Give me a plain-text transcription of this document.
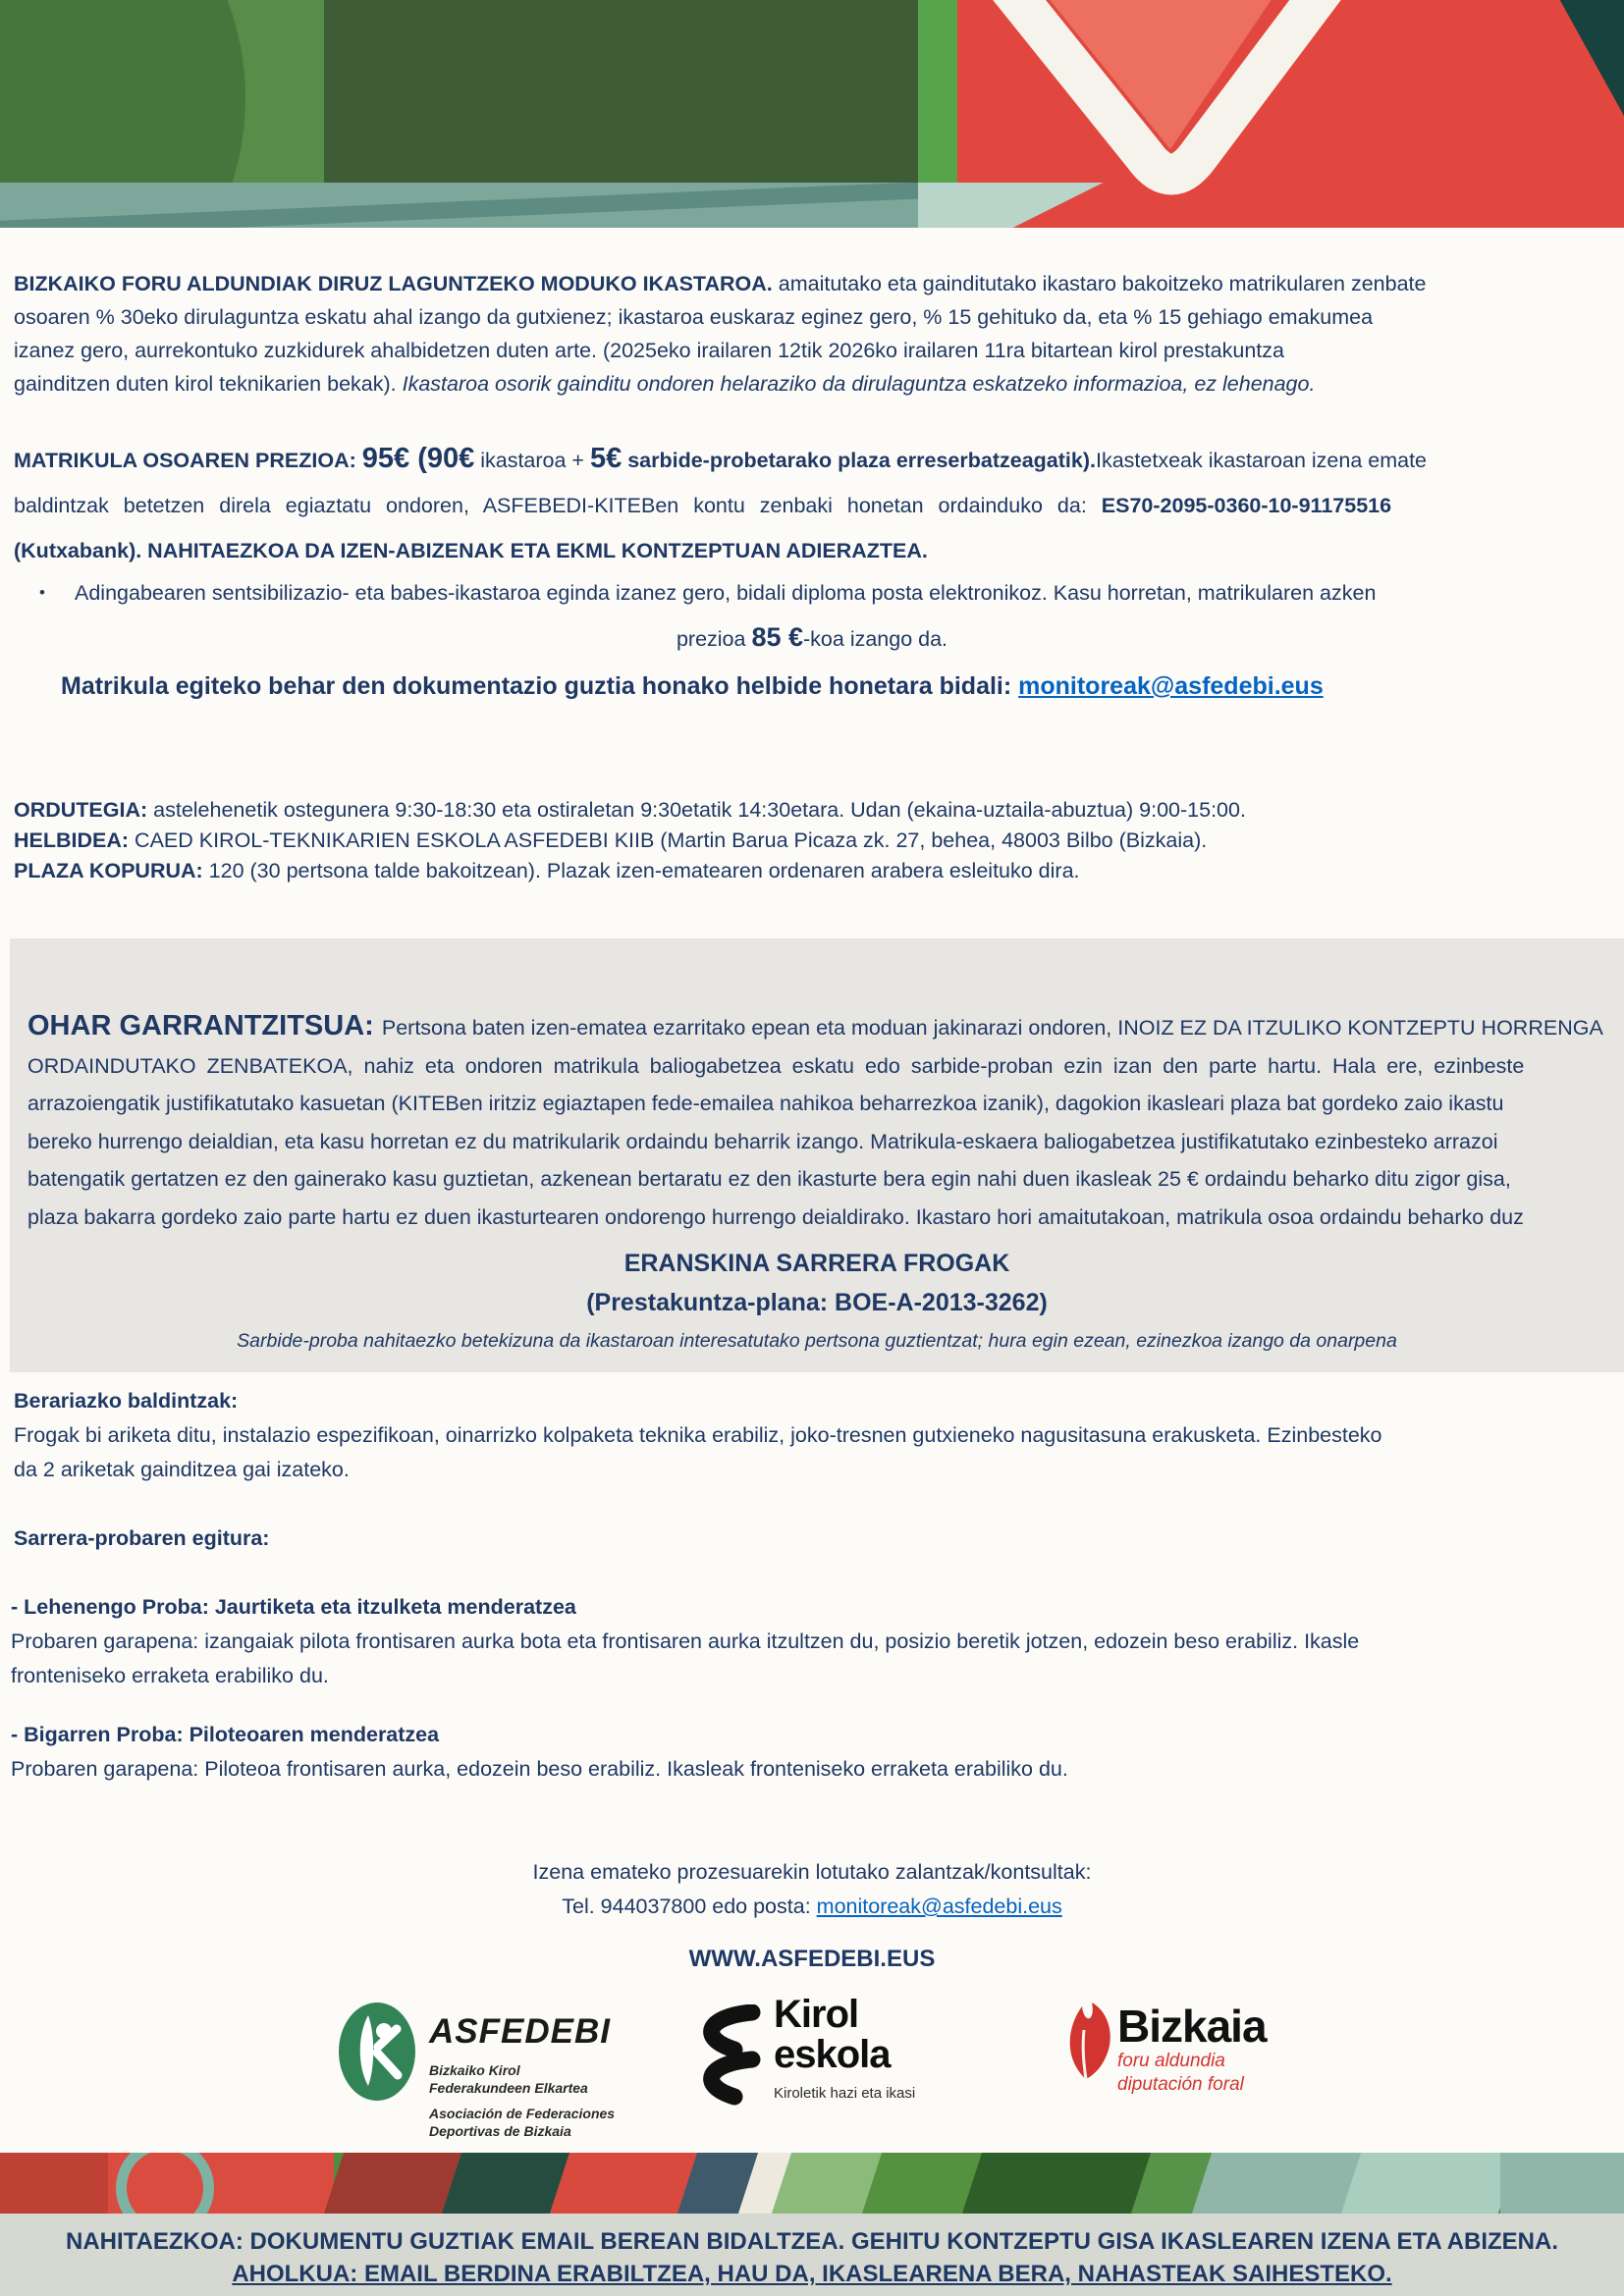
BIZKAIKO FORU ALDUNDIAK DIRUZ LAGUNTZEKO MODUKO IKASTAROA. amaitutako eta gainditutako ikastaro bakoitzeko matrikularen zenbate
osoaren % 30eko dirulaguntza eskatu ahal izango da gutxienez; ikastaroa euskaraz eginez gero, % 15 gehituko da, eta % 15 gehiago emakumea
izanez gero, aurrekontuko zuzkidurek ahalbidetzen duten arte. (2025eko irailaren 12tik 2026ko irailaren 11ra bitartean kirol prestakuntza
gainditzen duten kirol teknikarien bekak). Ikastaroa osorik gainditu ondoren helaraziko da dirulaguntza eskatzeko informazioa, ez lehenago.
MATRIKULA OSOAREN PREZIOA: 95€ (90€ ikastaroa + 5€ sarbide-probetarako plaza erreserbatzeagatik).Ikastetxeak ikastaroan izena emate
baldintzak betetzen direla egiaztatu ondoren, ASFEBEDI-KITEBen kontu zenbaki honetan ordainduko da: ES70-2095-0360-10-91175516
(Kutxabank). NAHITAEZKOA DA IZEN-ABIZENAK ETA EKML KONTZEPTUAN ADIERAZTEA.
• Adingabearen sentsibilizazio- eta babes-ikastaroa eginda izanez gero, bidali diploma posta elektronikoz. Kasu horretan, matrikularen azken
prezioa 85 €-koa izango da.
Matrikula egiteko behar den dokumentazio guztia honako helbide honetara bidali: monitoreak@asfedebi.eus
ORDUTEGIA: astelehenetik ostegunera 9:30-18:30 eta ostiraletan 9:30etatik 14:30etara. Udan (ekaina-uztaila-abuztua) 9:00-15:00.
HELBIDEA: CAED KIROL-TEKNIKARIEN ESKOLA ASFEDEBI KIIB (Martin Barua Picaza zk. 27, behea, 48003 Bilbo (Bizkaia).
PLAZA KOPURUA: 120 (30 pertsona talde bakoitzean). Plazak izen-ematearen ordenaren arabera esleituko dira.
OHAR GARRANTZITSUA: Pertsona baten izen-ematea ezarritako epean eta moduan jakinarazi ondoren, INOIZ EZ DA ITZULIKO KONTZEPTU HORRENGA
ORDAINDUTAKO ZENBATEKOA, nahiz eta ondoren matrikula baliogabetzea eskatu edo sarbide-proban ezin izan den parte hartu. Hala ere, ezinbeste
arrazoiengatik justifikatutako kasuetan (KITEBen iritziz egiaztapen fede-emailea nahikoa beharrezkoa izanik), dagokion ikasleari plaza bat gordeko zaio ikastu
bereko hurrengo deialdian, eta kasu horretan ez du matrikularik ordaindu beharrik izango. Matrikula-eskaera baliogabetzea justifikatutako ezinbesteko arrazoi
batengatik gertatzen ez den gainerako kasu guztietan, azkenean bertaratu ez den ikasturte bera egin nahi duen ikasleak 25 € ordaindu beharko ditu zigor gisa,
plaza bakarra gordeko zaio parte hartu ez duen ikasturtearen ondorengo hurrengo deialdirako. Ikastaro hori amaitutakoan, matrikula osoa ordaindu beharko duz
ERANSKINA SARRERA FROGAK
(Prestakuntza-plana: BOE-A-2013-3262)
Sarbide-proba nahitaezko betekizuna da ikastaroan interesatutako pertsona guztientzat; hura egin ezean, ezinezkoa izango da onarpena
Berariazko baldintzak:
Frogak bi ariketa ditu, instalazio espezifikoan, oinarrizko kolpaketa teknika erabiliz, joko-tresnen gutxieneko nagusitasuna erakusketa. Ezinbesteko
da 2 ariketak gainditzea gai izateko.
Sarrera-probaren egitura:
- Lehenengo Proba: Jaurtiketa eta itzulketa menderatzea
Probaren garapena: izangaiak pilota frontisaren aurka bota eta frontisaren aurka itzultzen du, posizio beretik jotzen, edozein beso erabiliz. Ikasle
fronteniseko erraketa erabiliko du.
- Bigarren Proba: Piloteoaren menderatzea
Probaren garapena: Piloteoa frontisaren aurka, edozein beso erabiliz. Ikasleak fronteniseko erraketa erabiliko du.
Izena emateko prozesuarekin lotutako zalantzak/kontsultak:
Tel. 944037800 edo posta: monitoreak@asfedebi.eus
WWW.ASFEDEBI.EUS
ASFEDEBI
Bizkaiko Kirol
Federakundeen Elkartea
Asociación de Federaciones
Deportivas de Bizkaia
Kirol
eskola
Kiroletik hazi eta ikasi
Bizkaia
foru aldundia
diputación foral
NAHITAEZKOA: DOKUMENTU GUZTIAK EMAIL BEREAN BIDALTZEA. GEHITU KONTZEPTU GISA IKASLEAREN IZENA ETA ABIZENA.
AHOLKUA: EMAIL BERDINA ERABILTZEA, HAU DA, IKASLEARENA BERA, NAHASTEAK SAIHESTEKO.
